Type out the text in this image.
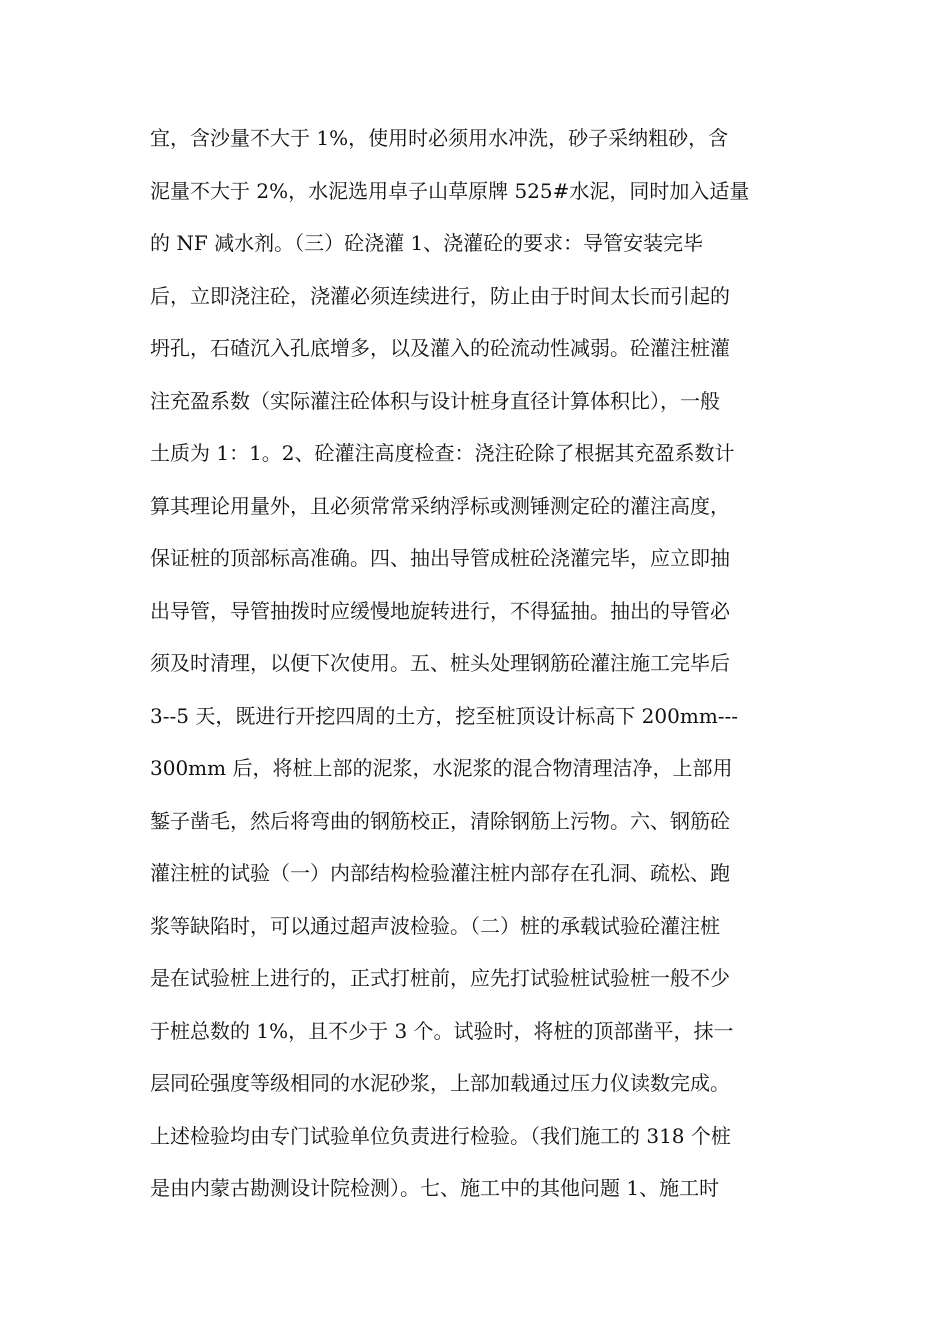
宜，含沙量不大于 1%，使用时必须用水冲洗，砂子采纳粗砂，含
泥量不大于 2%，水泥选用卓子山草原牌 525#水泥，同时加入适量
的 NF 减水剂。（三）砼浇灌 1、浇灌砼的要求：导管安装完毕
后，立即浇注砼，浇灌必须连续进行，防止由于时间太长而引起的
坍孔，石碴沉入孔底增多，以及灌入的砼流动性减弱。砼灌注桩灌
注充盈系数（实际灌注砼体积与设计桩身直径计算体积比），一般
土质为 1：1。2、砼灌注高度检查：浇注砼除了根据其充盈系数计
算其理论用量外，且必须常常采纳浮标或测锤测定砼的灌注高度，
保证桩的顶部标高准确。四、抽出导管成桩砼浇灌完毕，应立即抽
出导管，导管抽拨时应缓慢地旋转进行，不得猛抽。抽出的导管必
须及时清理，以便下次使用。五、桩头处理钢筋砼灌注施工完毕后
3--5 天，既进行开挖四周的土方，挖至桩顶设计标高下 200mm---
300mm 后，将桩上部的泥浆，水泥浆的混合物清理洁净，上部用
錾子凿毛，然后将弯曲的钢筋校正，清除钢筋上污物。六、钢筋砼
灌注桩的试验（一）内部结构检验灌注桩内部存在孔洞、疏松、跑
浆等缺陷时，可以通过超声波检验。（二）桩的承载试验砼灌注桩
是在试验桩上进行的，正式打桩前，应先打试验桩试验桩一般不少
于桩总数的 1%，且不少于 3 个。试验时，将桩的顶部凿平，抹一
层同砼强度等级相同的水泥砂浆，上部加载通过压力仪读数完成。
上述检验均由专门试验单位负责进行检验。（我们施工的 318 个桩
是由内蒙古勘测设计院检测）。七、施工中的其他问题 1、施工时
